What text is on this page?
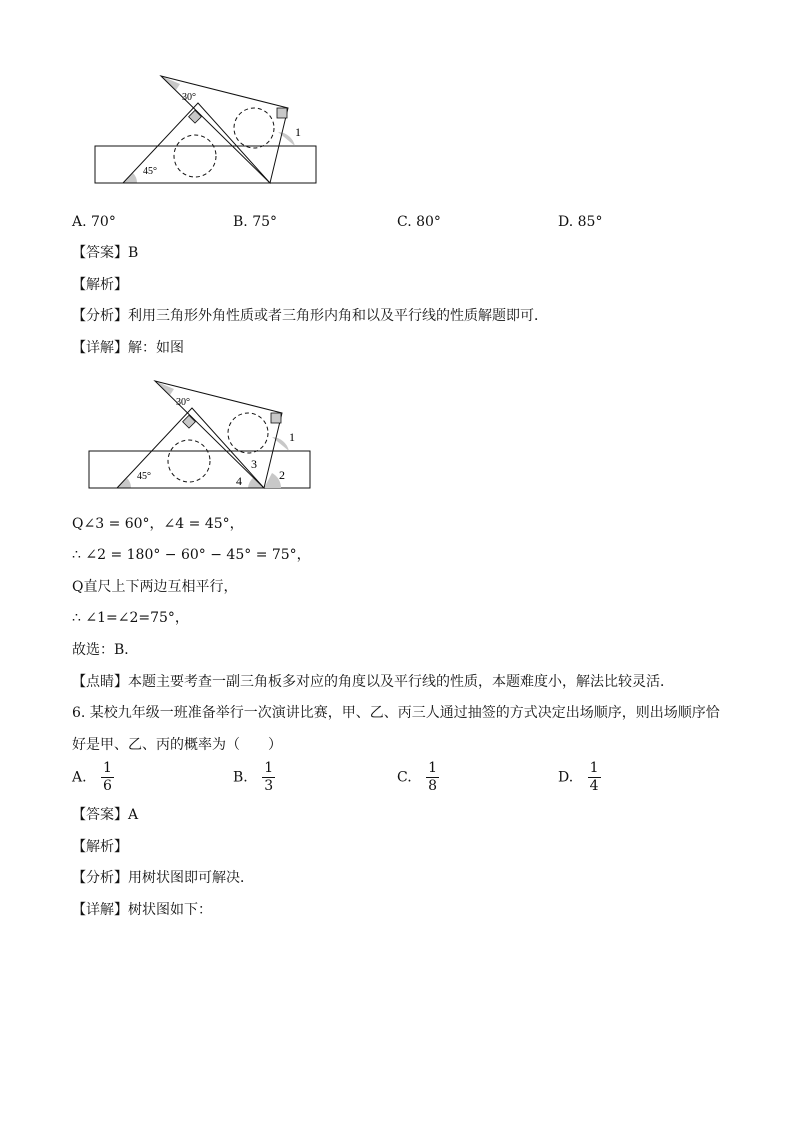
30°
45°
1
A. 70°	B. 75°	C. 80°	D. 85°
【答案】B
【解析】
【分析】利用三角形外角性质或者三角形内角和以及平行线的性质解题即可．
【详解】解：如图
30°
45°
1
2
3
4
Q∠3 = 60°，∠4 = 45°，
∴ ∠2 = 180° − 60° − 45° = 75°，
Q直尺上下两边互相平行，
∴ ∠1=∠2=75°，
故选：B．
【点睛】本题主要考查一副三角板多对应的角度以及平行线的性质，本题难度小，解法比较灵活．
6. 某校九年级一班准备举行一次演讲比赛，甲、乙、丙三人通过抽签的方式决定出场顺序，则出场顺序恰
好是甲、乙、丙的概率为（　　）
A. $\frac{1}{6}$	B. $\frac{1}{3}$	C. $\frac{1}{8}$	D. $\frac{1}{4}$
【答案】A
【解析】
【分析】用树状图即可解决．
【详解】树状图如下：
